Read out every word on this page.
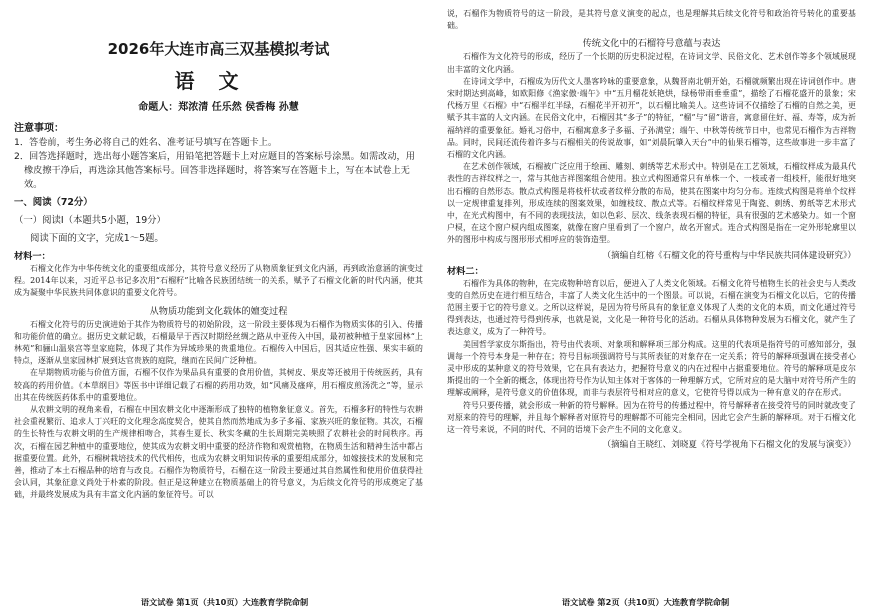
2026年大连市高三双基模拟考试
语文
命题人：郑浓清 任乐然 侯香梅 孙慧
注意事项：

1．答卷前，考生务必将自己的姓名、准考证号填写在答题卡上。

2．回答选择题时，选出每小题答案后，用铅笔把答题卡上对应题目的答案标号涂黑。如需改动，用橡皮擦干净后，再选涂其他答案标号。回答非选择题时，将答案写在答题卡上，写在本试卷上无效。

一、阅读（72分）
（一）阅读Ⅰ（本题共5小题，19分）
阅读下面的文字，完成1～5题。
材料一：

石榴文化作为中华传统文化的重要组成部分，其符号意义经历了从物质象征到文化内涵，再到政治意涵的演变过程。2014年以来，习近平总书记多次用“石榴籽”比喻各民族团结统一的关系，赋予了石榴文化新的时代内涵，使其成为凝聚中华民族共同体意识的重要文化符号。

从物质功能到文化载体的嬗变过程

石榴文化符号的历史演进始于其作为物质符号的初始阶段，这一阶段主要体现为石榴作为物质实体的引入、传播和功能价值的确立。据历史文献记载，石榴最早于西汉时期经丝绸之路从中亚传入中国，最初被种植于皇家园林“上林苑”和骊山温泉宫等皇家庭院，体现了其作为异域珍果的贵重地位。石榴传入中国后，因其适应性强、果实丰硕的特点，逐渐从皇家园林扩展到达官贵族的庭院，继而在民间广泛种植。

在早期物质功能与价值方面，石榴不仅作为果品具有重要的食用价值，其树皮、果皮等还被用于传统医药，具有较高的药用价值。《本草纲目》等医书中详细记载了石榴的药用功效，如“风痛及瘙痒，用石榴皮煎汤洗之”等，显示出其在传统医药体系中的重要地位。

从农耕文明的视角来看，石榴在中国农耕文化中逐渐形成了独特的植物象征意义。首先，石榴多籽的特性与农耕社会重视繁衍、追求人丁兴旺的文化理念高度契合，使其自然而然地成为多子多福、家族兴旺的象征物。其次，石榴的生长特性与农耕文明的生产规律相吻合，其春生夏长、秋实冬藏的生长周期完美映照了农耕社会的时间秩序。再次，石榴在园艺种植中的重要地位，使其成为农耕文明中重要的经济作物和观赏植物，在物质生活和精神生活中都占据重要位置。此外，石榴树栽培技术的代代相传，也成为农耕文明知识传承的重要组成部分，如嫁接技术的发展和完善，推动了本土石榴品种的培育与改良。石榴作为物质符号，石榴在这一阶段主要通过其自然属性和使用价值获得社会认同，其象征意义尚处于朴素的阶段。但正是这种建立在物质基础上的符号意义，为后续文化符号的形成奠定了基础，并最终发展成为具有丰富文化内涵的象征符号。可以

语文试卷 第1页（共10页）大连教育学院命制

说，石榴作为物质符号的这一阶段，是其符号意义演变的起点，也是理解其后续文化符号和政治符号转化的重要基础。

传统文化中的石榴符号意蕴与表达

石榴作为文化符号的形成，经历了一个长期的历史积淀过程，在诗词文学、民俗文化、艺术创作等多个领域展现出丰富的文化内涵。

在诗词文学中，石榴成为历代文人墨客吟咏的重要意象，从魏晋南北朝开始，石榴就频繁出现在诗词创作中。唐宋时期达到高峰，如欧阳修《渔家傲·端午》中“五月榴花妖艳烘，绿杨带雨垂垂重”，描绘了石榴花盛开的景象；宋代杨万里《石榴》中“石榴半红半绿，石榴花半开初开”，以石榴比喻美人。这些诗词不仅描绘了石榴的自然之美，更赋予其丰富的人文内涵。在民俗文化中，石榴因其“多子”的特征，“榴”与“留”谐音，寓意留住好、福、寿等，成为祈福纳祥的重要象征。婚礼习俗中，石榴寓意多子多福、子孙满堂；端午、中秋等传统节日中，也常见石榴作为吉祥物品。同时，民间还流传着许多与石榴相关的传说故事，如“刘晨阮肇入天台”中的仙果石榴等，这些故事进一步丰富了石榴的文化内涵。

在艺术创作领域，石榴被广泛应用于绘画、雕刻、刺绣等艺术形式中。特别是在工艺领域，石榴纹样成为最具代表性的吉祥纹样之一，常与其他吉祥图案组合使用。独立式构图通常只有单株一个、一枝或者一组枝杆，能很好地突出石榴的自然形态。散点式构图是将枝杆状或者纹样分散的布局，使其在图案中均匀分布。连续式构图是将单个纹样以一定规律重复排列，形成连续的图案效果，如缠枝纹、散点式等。石榴纹样常见于陶瓷、刺绣、剪纸等艺术形式中，在光式构图中，有不同的表现技法，如以色彩、层次、线条表现石榴的特征，具有很强的艺术感染力。如一个窗户棂，在这个窗户棂内组成图案，就像在窗户里看到了一个窗户，故名开窗式。连合式构图是指在一定外形轮廓里以外的图形中构成与图形形式相呼应的装饰造型。

（摘编自红榕《石榴文化的符号重构与中华民族共同体建设研究》）
材料二：

石榴作为具体的物种，在完成物种培育以后，便进入了人类文化领域。石榴文化符号植物生长的社会史与人类改变的自然历史在进行相互结合，丰富了人类文化生活中的一个图景。可以说，石榴在演变为石榴文化以后，它的传播范围主要于它的符号意义。之所以这样说，是因为符号所具有的象征意义体现了人类的文化的本质，而文化通过符号得到表达，也通过符号得到传承，也就是说，文化是一种符号化的活动。石榴从具体物种发展为石榴文化，就产生了表达意义，成为了一种符号。

美国哲学家皮尔斯指出，符号由代表项、对象项和解释项三部分构成。这里的代表项是指符号的可感知部分，强调每一个符号本身是一种存在；符号目标项强调符号与其所表征的对象存在一定关系；符号的解释项强调在接受者心灵中形成的某种意义的符号效果，它在具有表达力，把握符号意义的内在过程中占据重要地位。符号的解释项是皮尔斯提出的一个全新的概念，体现出符号作为认知主体对于客体的一种理解方式，它所对应的是大脑中对符号所产生的理解或阐释，是符号意义的价值体现，而非与表层符号相对应的意义，它使符号得以成为一种有意义的存在形式。

符号只要传播，就会形成一种新的符号解释。因为在符号的传播过程中，符号解释者在接受符号的同时就改变了对原来的符号的理解，并且每个解释者对原符号的理解都不可能完全相同，因此它会产生新的解释项。对于石榴文化这一符号来说，不同的时代、不同的语境下会产生不同的文化意义。

（摘编自王晓红、刘晓夏《符号学视角下石榴文化的发展与演变》）
语文试卷 第2页（共10页）大连教育学院命制
